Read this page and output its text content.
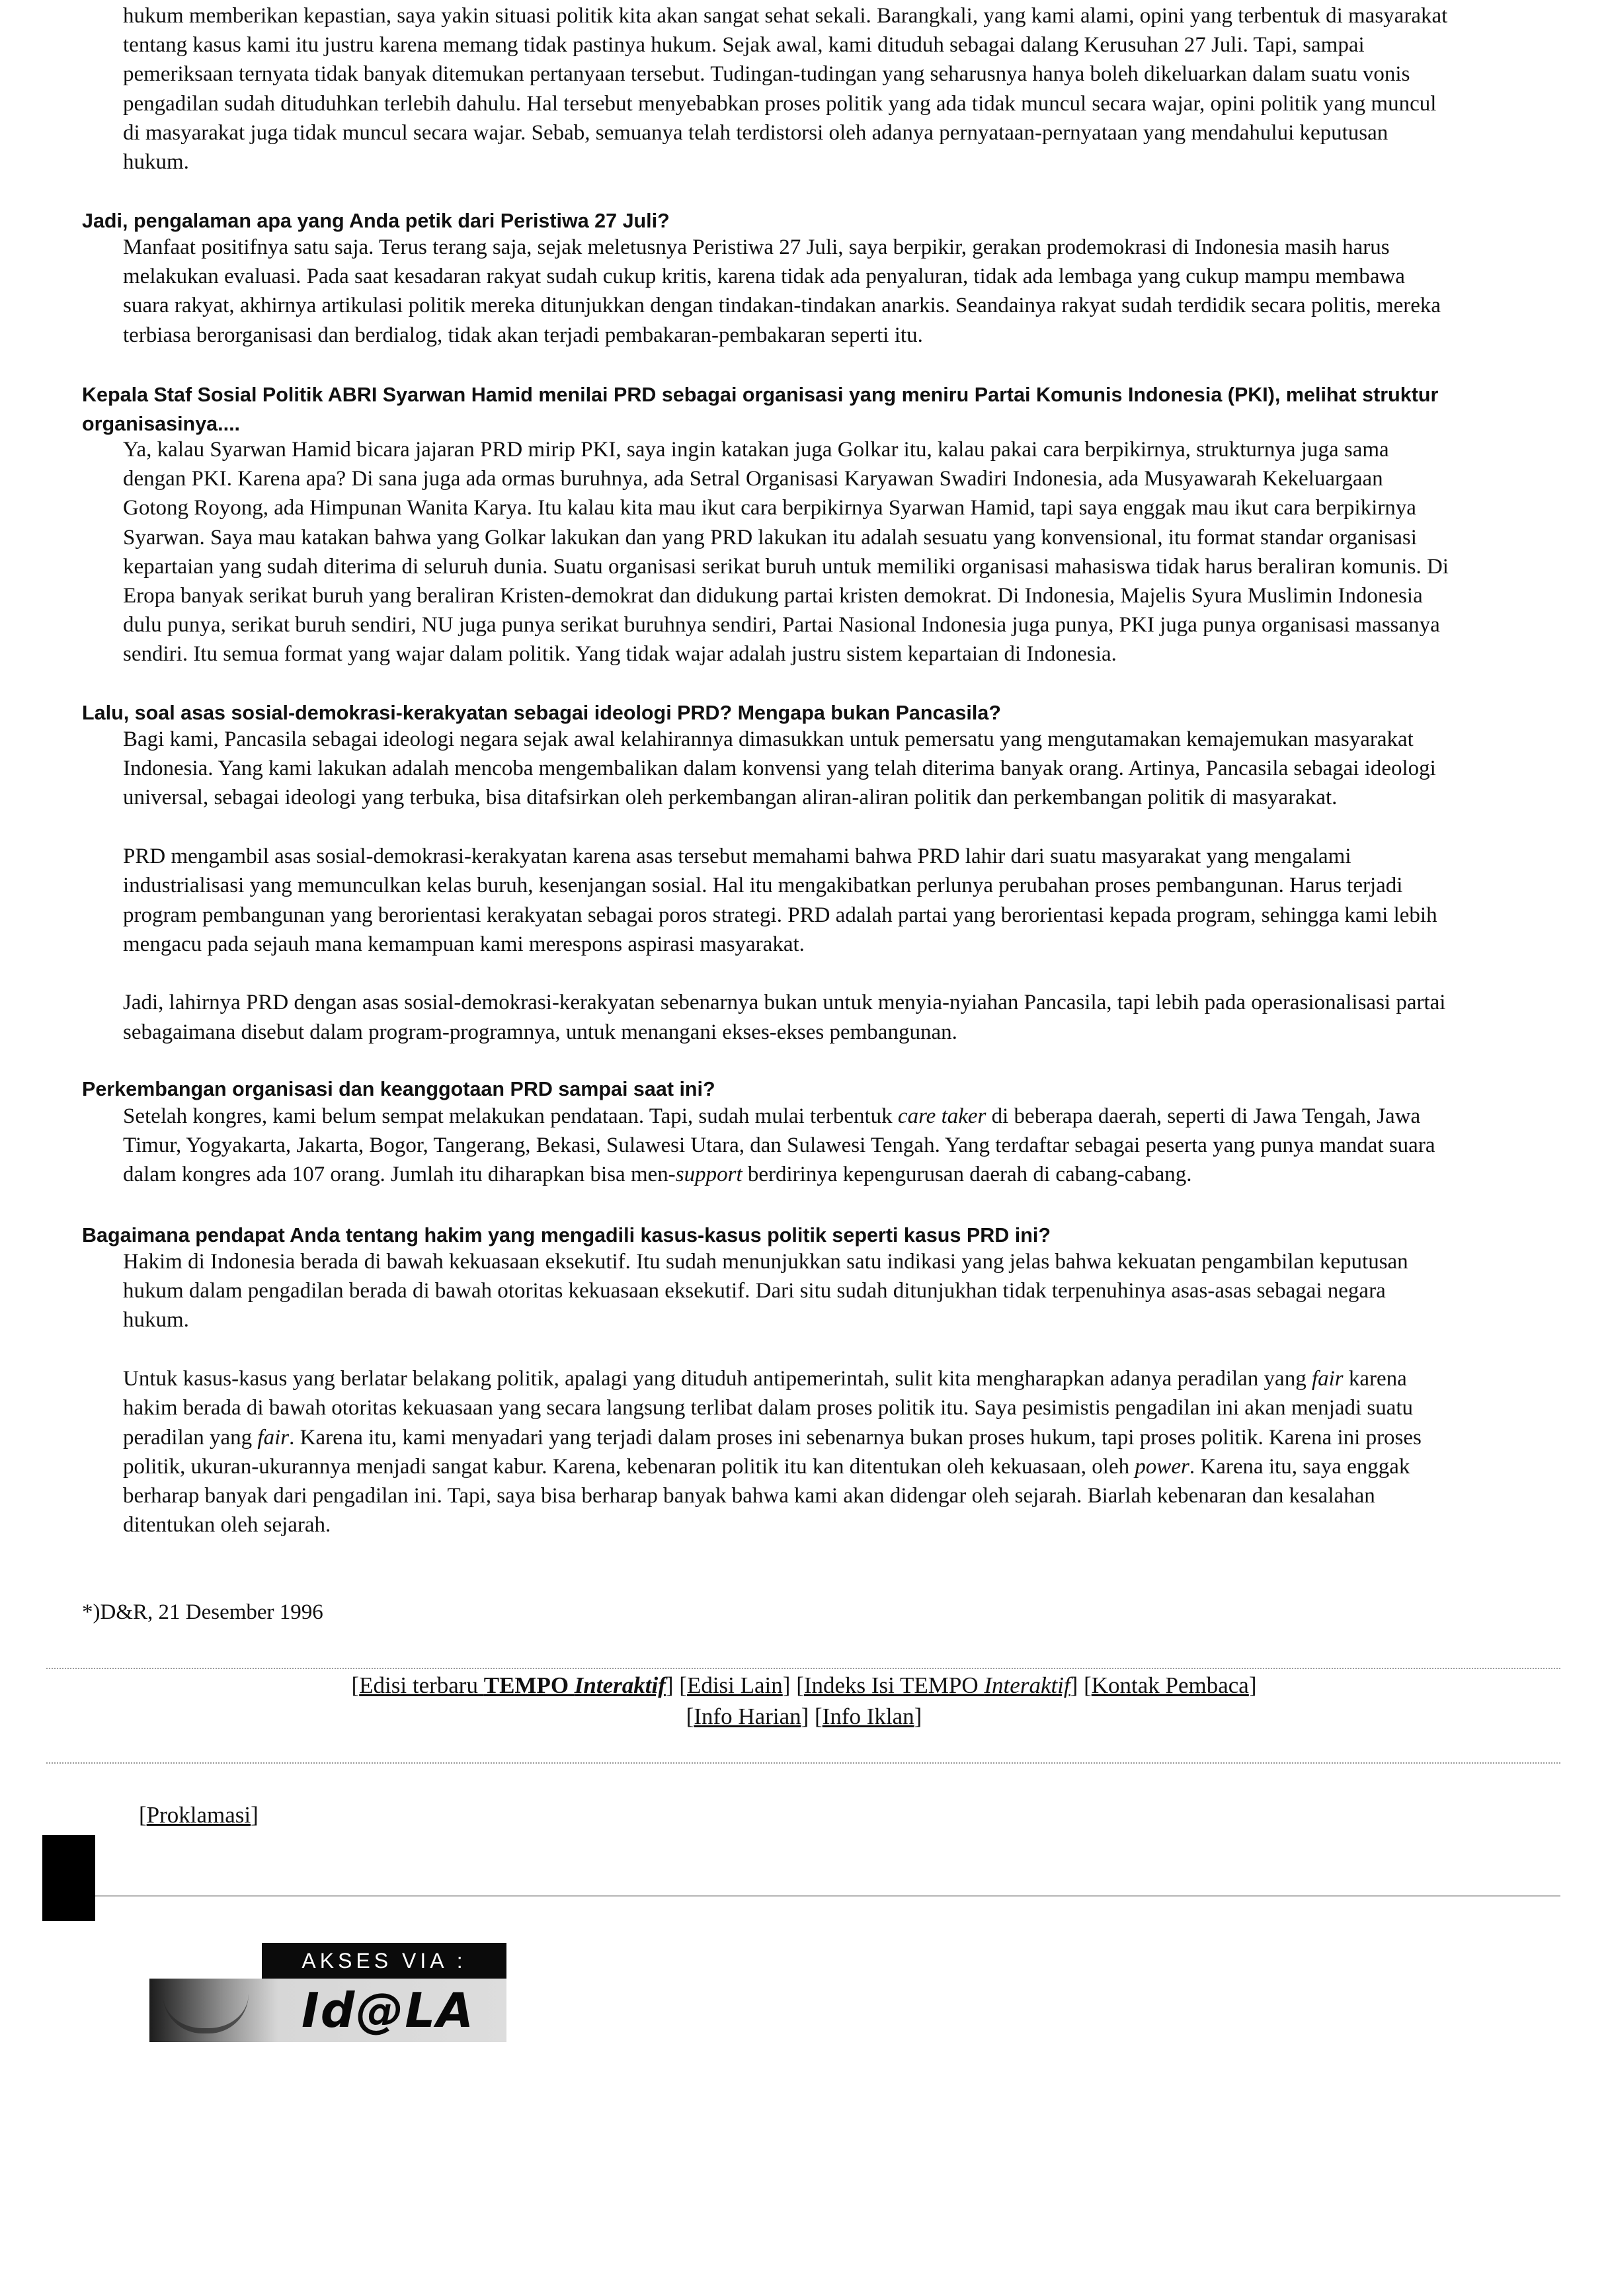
hukum memberikan kepastian, saya yakin situasi politik kita akan sangat sehat sekali. Barangkali, yang kami alami, opini yang terbentuk di masyarakat tentang kasus kami itu justru karena memang tidak pastinya hukum. Sejak awal, kami dituduh sebagai dalang Kerusuhan 27 Juli. Tapi, sampai pemeriksaan ternyata tidak banyak ditemukan pertanyaan tersebut. Tudingan-tudingan yang seharusnya hanya boleh dikeluarkan dalam suatu vonis pengadilan sudah dituduhkan terlebih dahulu. Hal tersebut menyebabkan proses politik yang ada tidak muncul secara wajar, opini politik yang muncul di masyarakat juga tidak muncul secara wajar. Sebab, semuanya telah terdistorsi oleh adanya pernyataan-pernyataan yang mendahului keputusan hukum.

Jadi, pengalaman apa yang Anda petik dari Peristiwa 27 Juli?

Manfaat positifnya satu saja. Terus terang saja, sejak meletusnya Peristiwa 27 Juli, saya berpikir, gerakan prodemokrasi di Indonesia masih harus melakukan evaluasi. Pada saat kesadaran rakyat sudah cukup kritis, karena tidak ada penyaluran, tidak ada lembaga yang cukup mampu membawa suara rakyat, akhirnya artikulasi politik mereka ditunjukkan dengan tindakan-tindakan anarkis. Seandainya rakyat sudah terdidik secara politis, mereka terbiasa berorganisasi dan berdialog, tidak akan terjadi pembakaran-pembakaran seperti itu.

Kepala Staf Sosial Politik ABRI Syarwan Hamid menilai PRD sebagai organisasi yang meniru Partai Komunis Indonesia (PKI), melihat struktur organisasinya....

Ya, kalau Syarwan Hamid bicara jajaran PRD mirip PKI, saya ingin katakan juga Golkar itu, kalau pakai cara berpikirnya, strukturnya juga sama dengan PKI. Karena apa? Di sana juga ada ormas buruhnya, ada Setral Organisasi Karyawan Swadiri Indonesia, ada Musyawarah Kekeluargaan Gotong Royong, ada Himpunan Wanita Karya. Itu kalau kita mau ikut cara berpikirnya Syarwan Hamid, tapi saya enggak mau ikut cara berpikirnya Syarwan. Saya mau katakan bahwa yang Golkar lakukan dan yang PRD lakukan itu adalah sesuatu yang konvensional, itu format standar organisasi kepartaian yang sudah diterima di seluruh dunia. Suatu organisasi serikat buruh untuk memiliki organisasi mahasiswa tidak harus beraliran komunis. Di Eropa banyak serikat buruh yang beraliran Kristen-demokrat dan didukung partai kristen demokrat. Di Indonesia, Majelis Syura Muslimin Indonesia dulu punya, serikat buruh sendiri, NU juga punya serikat buruhnya sendiri, Partai Nasional Indonesia juga punya, PKI juga punya organisasi massanya sendiri. Itu semua format yang wajar dalam politik. Yang tidak wajar adalah justru sistem kepartaian di Indonesia.

Lalu, soal asas sosial-demokrasi-kerakyatan sebagai ideologi PRD? Mengapa bukan Pancasila?

Bagi kami, Pancasila sebagai ideologi negara sejak awal kelahirannya dimasukkan untuk pemersatu yang mengutamakan kemajemukan masyarakat Indonesia. Yang kami lakukan adalah mencoba mengembalikan dalam konvensi yang telah diterima banyak orang. Artinya, Pancasila sebagai ideologi universal, sebagai ideologi yang terbuka, bisa ditafsirkan oleh perkembangan aliran-aliran politik dan perkembangan politik di masyarakat.

PRD mengambil asas sosial-demokrasi-kerakyatan karena asas tersebut memahami bahwa PRD lahir dari suatu masyarakat yang mengalami industrialisasi yang memunculkan kelas buruh, kesenjangan sosial. Hal itu mengakibatkan perlunya perubahan proses pembangunan. Harus terjadi program pembangunan yang berorientasi kerakyatan sebagai poros strategi. PRD adalah partai yang berorientasi kepada program, sehingga kami lebih mengacu pada sejauh mana kemampuan kami merespons aspirasi masyarakat.

Jadi, lahirnya PRD dengan asas sosial-demokrasi-kerakyatan sebenarnya bukan untuk menyia-nyiahan Pancasila, tapi lebih pada operasionalisasi partai sebagaimana disebut dalam program-programnya, untuk menangani ekses-ekses pembangunan.

Perkembangan organisasi dan keanggotaan PRD sampai saat ini?

Setelah kongres, kami belum sempat melakukan pendataan. Tapi, sudah mulai terbentuk care taker di beberapa daerah, seperti di Jawa Tengah, Jawa Timur, Yogyakarta, Jakarta, Bogor, Tangerang, Bekasi, Sulawesi Utara, dan Sulawesi Tengah. Yang terdaftar sebagai peserta yang punya mandat suara dalam kongres ada 107 orang. Jumlah itu diharapkan bisa men-support berdirinya kepengurusan daerah di cabang-cabang.

Bagaimana pendapat Anda tentang hakim yang mengadili kasus-kasus politik seperti kasus PRD ini?

Hakim di Indonesia berada di bawah kekuasaan eksekutif. Itu sudah menunjukkan satu indikasi yang jelas bahwa kekuatan pengambilan keputusan hukum dalam pengadilan berada di bawah otoritas kekuasaan eksekutif. Dari situ sudah ditunjukhan tidak terpenuhinya asas-asas sebagai negara hukum.

Untuk kasus-kasus yang berlatar belakang politik, apalagi yang dituduh antipemerintah, sulit kita mengharapkan adanya peradilan yang fair karena hakim berada di bawah otoritas kekuasaan yang secara langsung terlibat dalam proses politik itu. Saya pesimistis pengadilan ini akan menjadi suatu peradilan yang fair. Karena itu, kami menyadari yang terjadi dalam proses ini sebenarnya bukan proses hukum, tapi proses politik. Karena ini proses politik, ukuran-ukurannya menjadi sangat kabur. Karena, kebenaran politik itu kan ditentukan oleh kekuasaan, oleh power. Karena itu, saya enggak berharap banyak dari pengadilan ini. Tapi, saya bisa berharap banyak bahwa kami akan didengar oleh sejarah. Biarlah kebenaran dan kesalahan ditentukan oleh sejarah.

*)D&R, 21 Desember 1996

[Edisi terbaru TEMPO Interaktif] [Edisi Lain] [Indeks Isi TEMPO Interaktif] [Kontak Pembaca]

[Info Harian] [Info Iklan]

[Proklamasi]
AKSES VIA :
Id@LA
